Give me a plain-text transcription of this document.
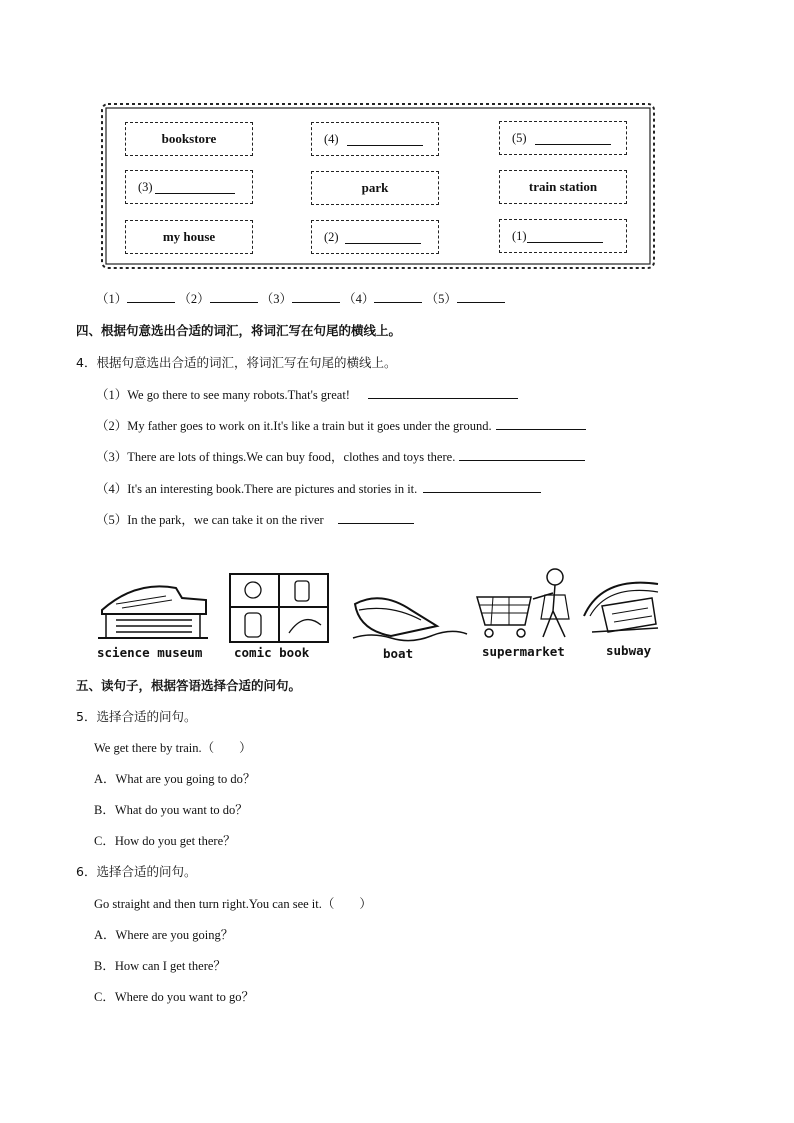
bookstore	(4)	(5)
(3)	park	train station
my house	(2)	(1)
（1）	（2）	（3）	（4）	（5）
四、根据句意选出合适的词汇，将词汇写在句尾的横线上。
4．根据句意选出合适的词汇，将词汇写在句尾的横线上。
（1）We go there to see many robots.That's great!
（2）My father goes to work on it.It's like a train but it goes under the ground.
（3）There are lots of things.We can buy food，clothes and toys there.
（4）It's an interesting book.There are pictures and stories in it.
（5）In the park，we can take it on the river
science museum	comic book	boat	supermarket	subway
五、读句子，根据答语选择合适的问句。
5．选择合适的问句。
We get there by train.（　　）
A．What are you going to do？
B．What do you want to do？
C．How do you get there？
6．选择合适的问句。
Go straight and then turn right.You can see it.（　　）
A．Where are you going？
B．How can I get there？
C．Where do you want to go？
